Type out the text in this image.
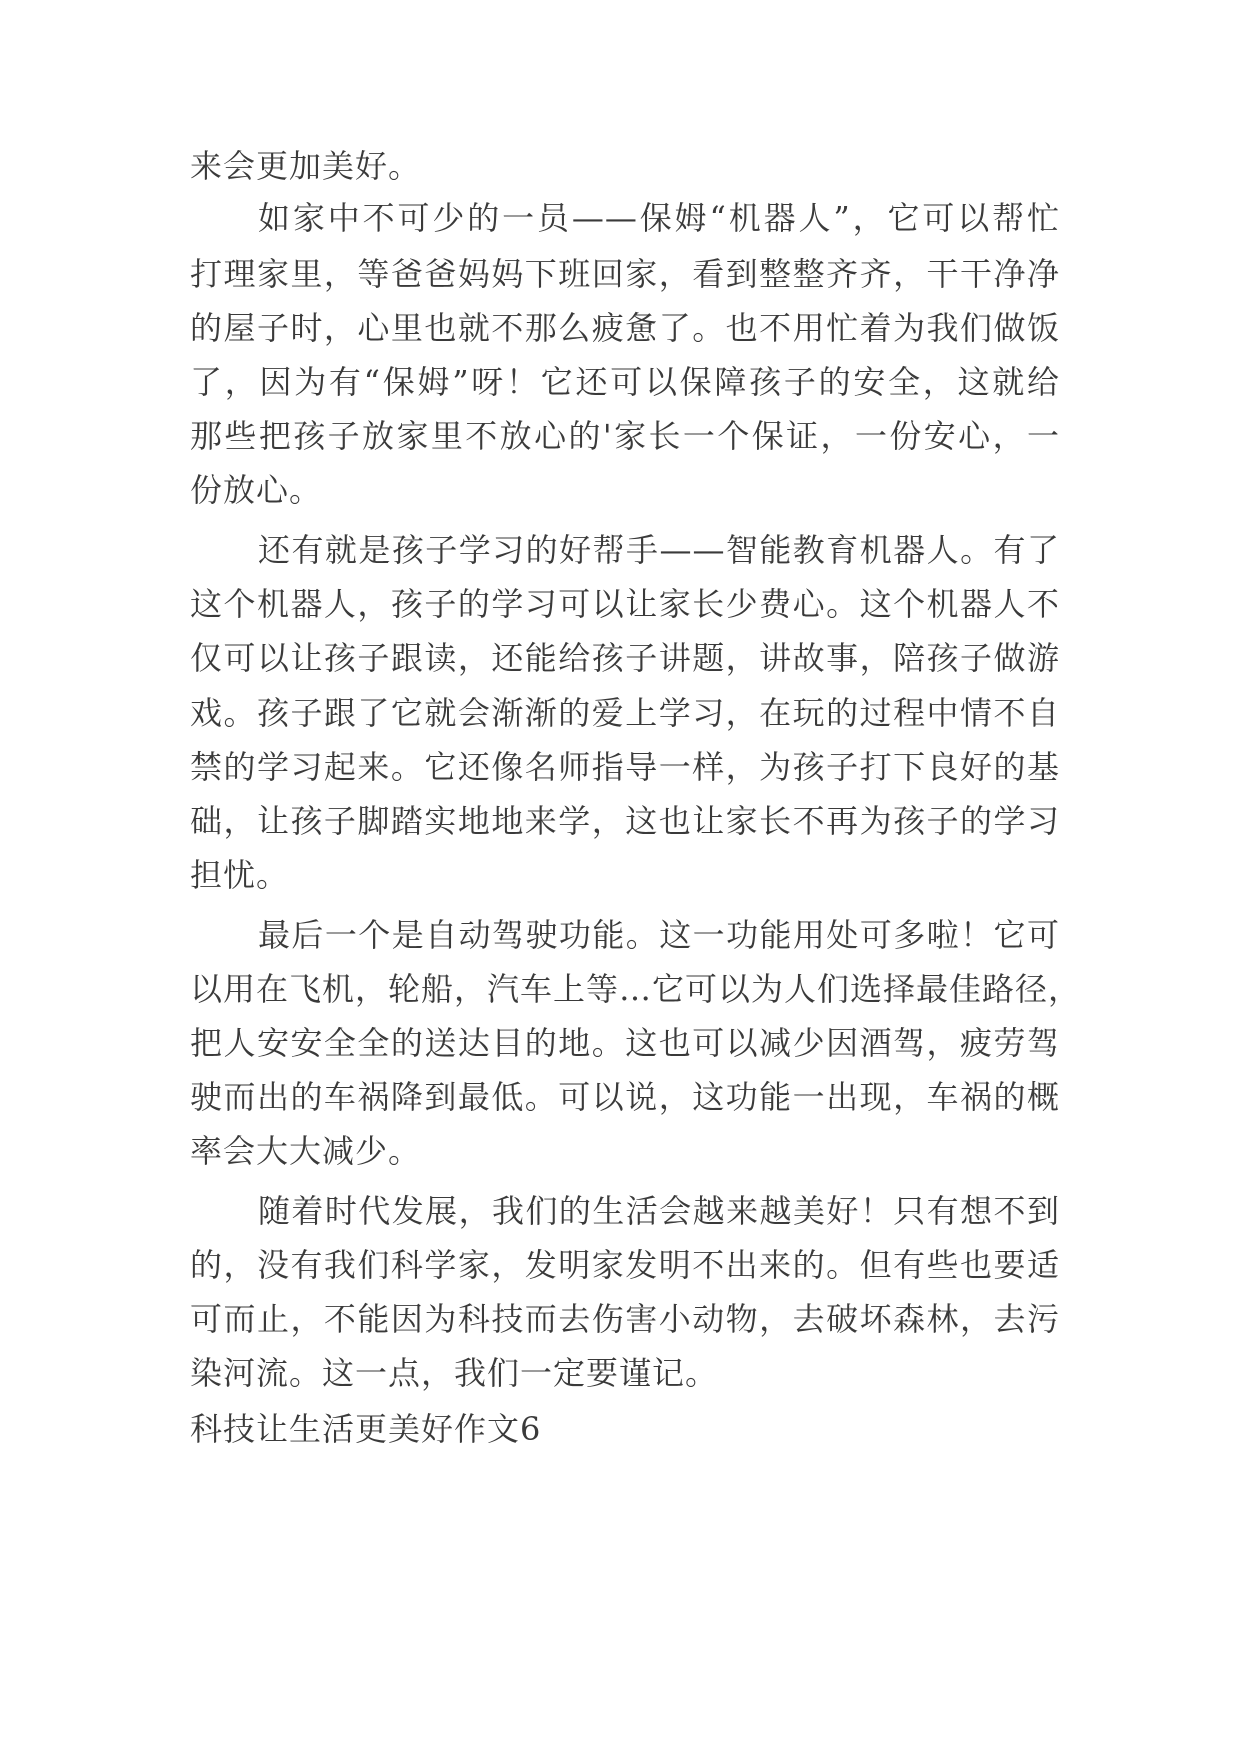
来会更加美好。
如家中不可少的一员——保姆“机器人”，它可以帮忙
打理家里，等爸爸妈妈下班回家，看到整整齐齐，干干净净
的屋子时，心里也就不那么疲惫了。也不用忙着为我们做饭
了，因为有“保姆”呀！它还可以保障孩子的安全，这就给
那些把孩子放家里不放心的'家长一个保证，一份安心，一
份放心。
还有就是孩子学习的好帮手——智能教育机器人。有了
这个机器人，孩子的学习可以让家长少费心。这个机器人不
仅可以让孩子跟读，还能给孩子讲题，讲故事，陪孩子做游
戏。孩子跟了它就会渐渐的爱上学习，在玩的过程中情不自
禁的学习起来。它还像名师指导一样，为孩子打下良好的基
础，让孩子脚踏实地地来学，这也让家长不再为孩子的学习
担忧。
最后一个是自动驾驶功能。这一功能用处可多啦！它可
以用在飞机，轮船，汽车上等…它可以为人们选择最佳路径，
把人安安全全的送达目的地。这也可以减少因酒驾，疲劳驾
驶而出的车祸降到最低。可以说，这功能一出现，车祸的概
率会大大减少。
随着时代发展，我们的生活会越来越美好！只有想不到
的，没有我们科学家，发明家发明不出来的。但有些也要适
可而止，不能因为科技而去伤害小动物，去破坏森林，去污
染河流。这一点，我们一定要谨记。
科技让生活更美好作文6
